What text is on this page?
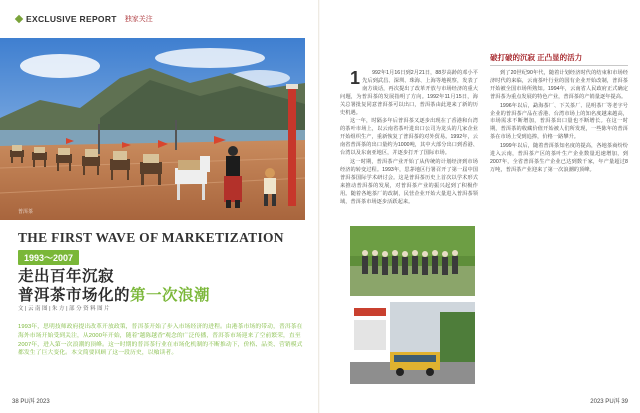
EXCLUSIVE REPORT 独家关注
普洱茶
THE FIRST WAVE OF MARKETIZATION
1993～2007
走出百年沉寂
普洱茶市场化的第一次浪潮
文 | 云 南 图 | 朱 方 | 部 分 资 料 图 片
1993年，思明技师政府提出改革开放政策，普洱茶开始了步入市场经济的进程。由港茶市场的带动，普洱茶在海外市场开始受到关注，从2000年开始，随着“越陈越香”观念的广泛传播，普洱茶市场迎来了空前繁荣，直至2007年，进入第一次浪潮的顶峰。这一时期的普洱茶行业在市场化机制的不断推动下，价格、品类、营销模式都发生了巨大变化。本文简要回顾了这一段历史，以飨读者。
38 PU洱 2023	2023 PU洱 39
破打破的沉寂 正凸显的活力

1 992年1月16日到2月21日，88岁高龄的邓小平先后到武昌、深圳、珠海、上海等地视察，发表了南方谈话，再次提出了改革开放与市场经济的重大问题，为普洱茶的发展指明了方向。1992年11月15日，海关总署批复同意普洱茶可以出口，普洱茶由此迎来了新的历史机遇。

这一年，时隔多年后普洱茶又逐步出现在了香港和台湾的茶叶市场上，以云南省茶叶进出口公司为龙头的几家企业开始组织生产，重新恢复了普洱茶的对外贸易。1992年，云南省普洱茶的出口量约为1000吨，其中大部分出口到香港、台湾以及东南亚地区，并逐步打开了国际市场。

这一时期，普洱茶产业开始了从传统的计划经济到市场经济的转变过程。1993年，思茅地区行署召开了第一届中国普洱茶国际学术研讨会。这是普洱茶历史上首次以学术形式来推动普洱茶的发展，对普洱茶产业的振兴起到了积极作用。随着各地茶厂的改制，民营企业开始大量进入普洱茶领域，普洱茶市场逐步活跃起来。

到了20世纪90年代，随着计划经济时代的结束和市场经济时代的来临，云南茶叶行业的国有企业开始改制，普洱茶开始被全国市场所熟知。1994年，云南省人民政府正式确定普洱茶为重点发展的特色产业，普洱茶的产销量逐年提高。

1996年以后，勐海茶厂、下关茶厂、昆明茶厂等老字号企业的普洱茶产品在香港、台湾市场上的知名度越来越高，市场需求不断增加，普洱茶出口量也不断增长。在这一时期，普洱茶的收藏价值开始被人们所发现，一些陈年的普洱茶在市场上受到追捧，价格一路攀升。

1999年以后，随着普洱茶知名度的提高，各地茶商纷纷进入云南，普洱茶产区的茶叶生产企业数量迅速增加，到2007年，全省普洱茶生产企业已达到数千家，年产量超过8万吨，普洱茶产业迎来了第一次浪潮的顶峰。
